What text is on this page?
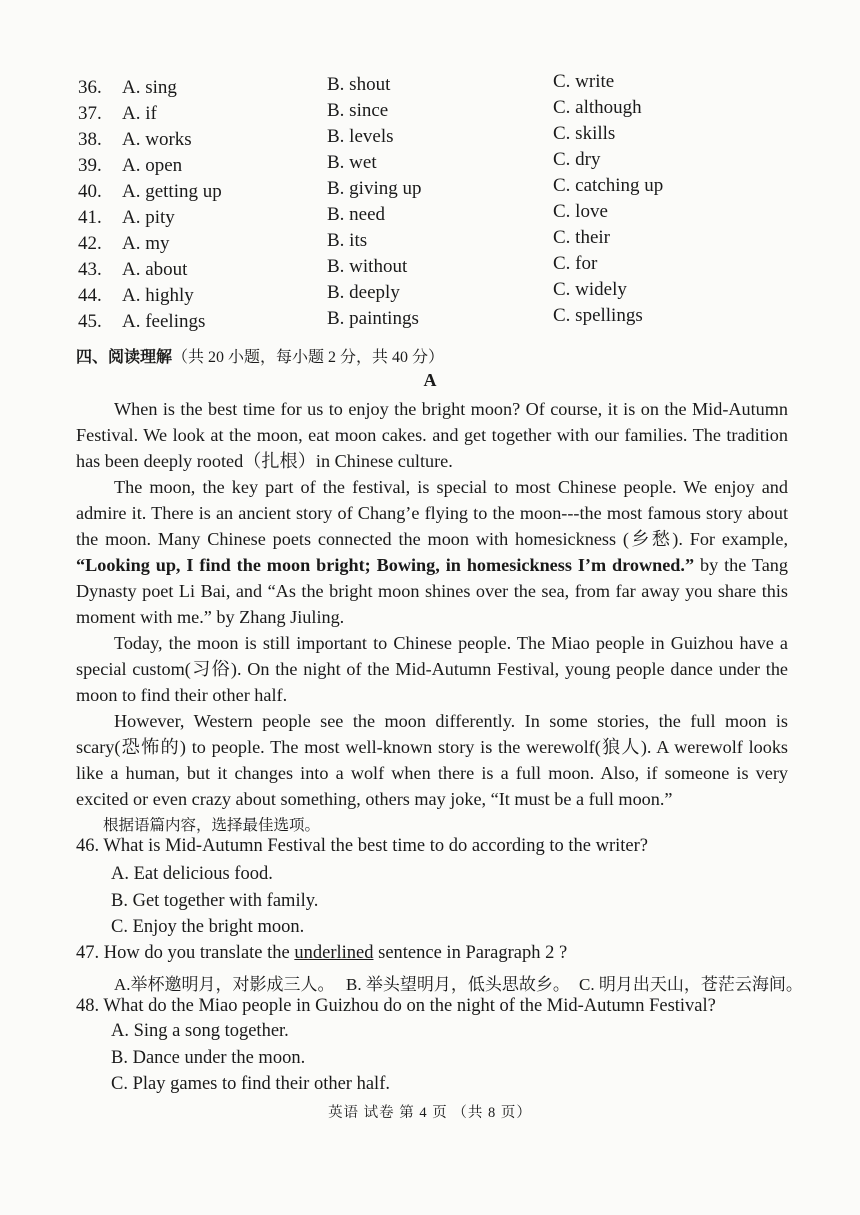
36. A. sing	B. shout	C. write
37. A. if	B. since	C. although
38. A. works	B. levels	C. skills
39. A. open	B. wet	C. dry
40. A. getting up	B. giving up	C. catching up
41. A. pity	B. need	C. love
42. A. my	B. its	C. their
43. A. about	B. without	C. for
44. A. highly	B. deeply	C. widely
45. A. feelings	B. paintings	C. spellings
四、阅读理解（共 20 小题，每小题 2 分，共 40 分）
A

When is the best time for us to enjoy the bright moon? Of course, it is on the Mid-Autumn Festival. We look at the moon, eat moon cakes. and get together with our families. The tradition has been deeply rooted（扎根）in Chinese culture.

The moon, the key part of the festival, is special to most Chinese people. We enjoy and admire it. There is an ancient story of Chang’e flying to the moon---the most famous story about the moon. Many Chinese poets connected the moon with homesickness (乡愁). For example, “Looking up, I find the moon bright; Bowing, in homesickness I’m drowned.” by the Tang Dynasty poet Li Bai, and “As the bright moon shines over the sea, from far away you share this moment with me.” by Zhang Jiuling.

Today, the moon is still important to Chinese people. The Miao people in Guizhou have a special custom(习俗). On the night of the Mid-Autumn Festival, young people dance under the moon to find their other half.

However, Western people see the moon differently. In some stories, the full moon is scary(恐怖的) to people. The most well-known story is the werewolf(狼人). A werewolf looks like a human, but it changes into a wolf when there is a full moon. Also, if someone is very excited or even crazy about something, others may joke, “It must be a full moon.”

根据语篇内容，选择最佳选项。
46. What is Mid-Autumn Festival the best time to do according to the writer?
A. Eat delicious food.
B. Get together with family.
C. Enjoy the bright moon.
47. How do you translate the underlined sentence in Paragraph 2 ?
A.举杯邀明月，对影成三人。 B. 举头望明月，低头思故乡。 C. 明月出天山，苍茫云海间。
48. What do the Miao people in Guizhou do on the night of the Mid-Autumn Festival?
A. Sing a song together.
B. Dance under the moon.
C. Play games to find their other half.
英语 试卷 第 4 页 （共 8 页）
